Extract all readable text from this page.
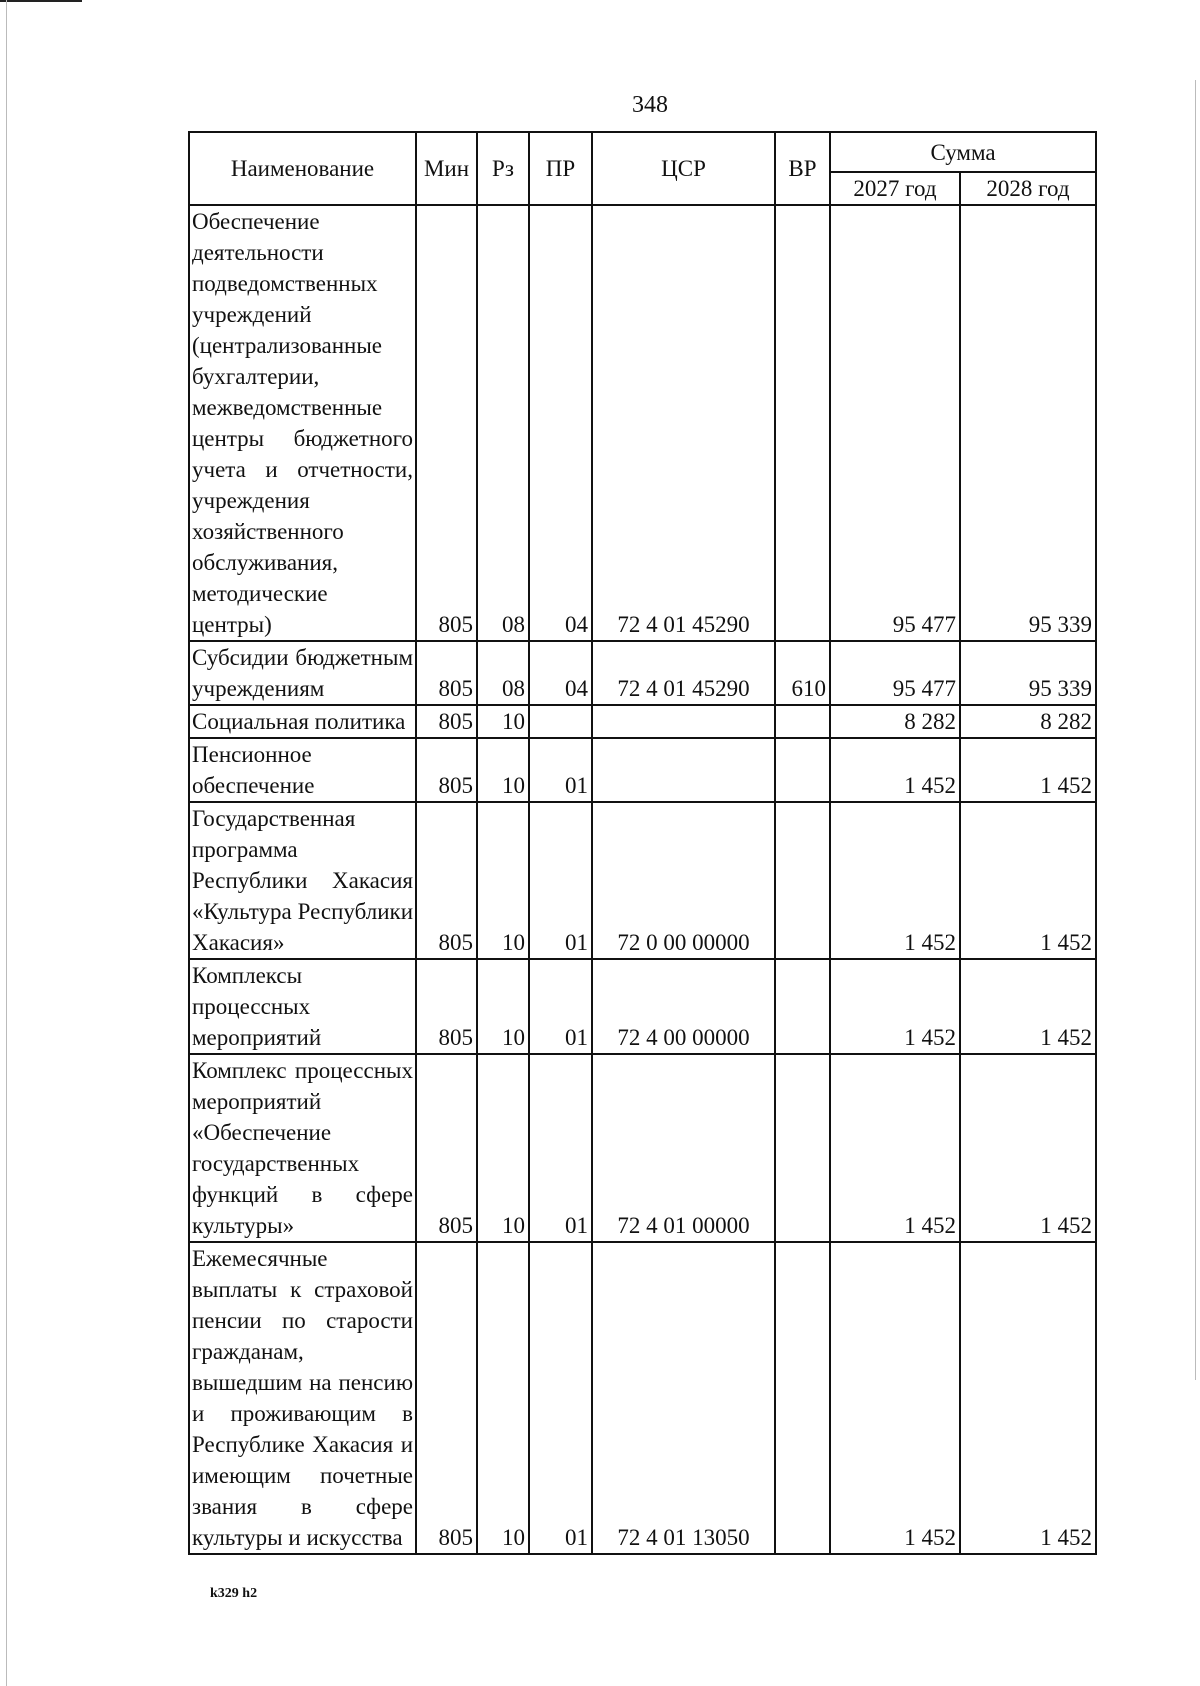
348
Наименование	Мин	Рз	ПР	ЦСР	ВР	Сумма	
						2027 год	2028 год
Обеспечение деятельности подведомственных учреждений (централизованные бухгалтерии, межведомственные центры бюджетного учета и отчетности, учреждения хозяйственного обслуживания, методические центры)	805	08	04	72 4 01 45290		95 477	95 339
Субсидии бюджетным учреждениям	805	08	04	72 4 01 45290	610	95 477	95 339
Социальная политика	805	10				8 282	8 282
Пенсионное обеспечение	805	10	01			1 452	1 452
Государственная программа Республики Хакасия «Культура Республики Хакасия»	805	10	01	72 0 00 00000		1 452	1 452
Комплексы процессных мероприятий	805	10	01	72 4 00 00000		1 452	1 452
Комплекс процессных мероприятий «Обеспечение государственных функций в сфере культуры»	805	10	01	72 4 01 00000		1 452	1 452
Ежемесячные выплаты к страховой пенсии по старости гражданам, вышедшим на пенсию и проживающим в Республике Хакасия и имеющим почетные звания в сфере культуры и искусства	805	10	01	72 4 01 13050		1 452	1 452
k329 h2
